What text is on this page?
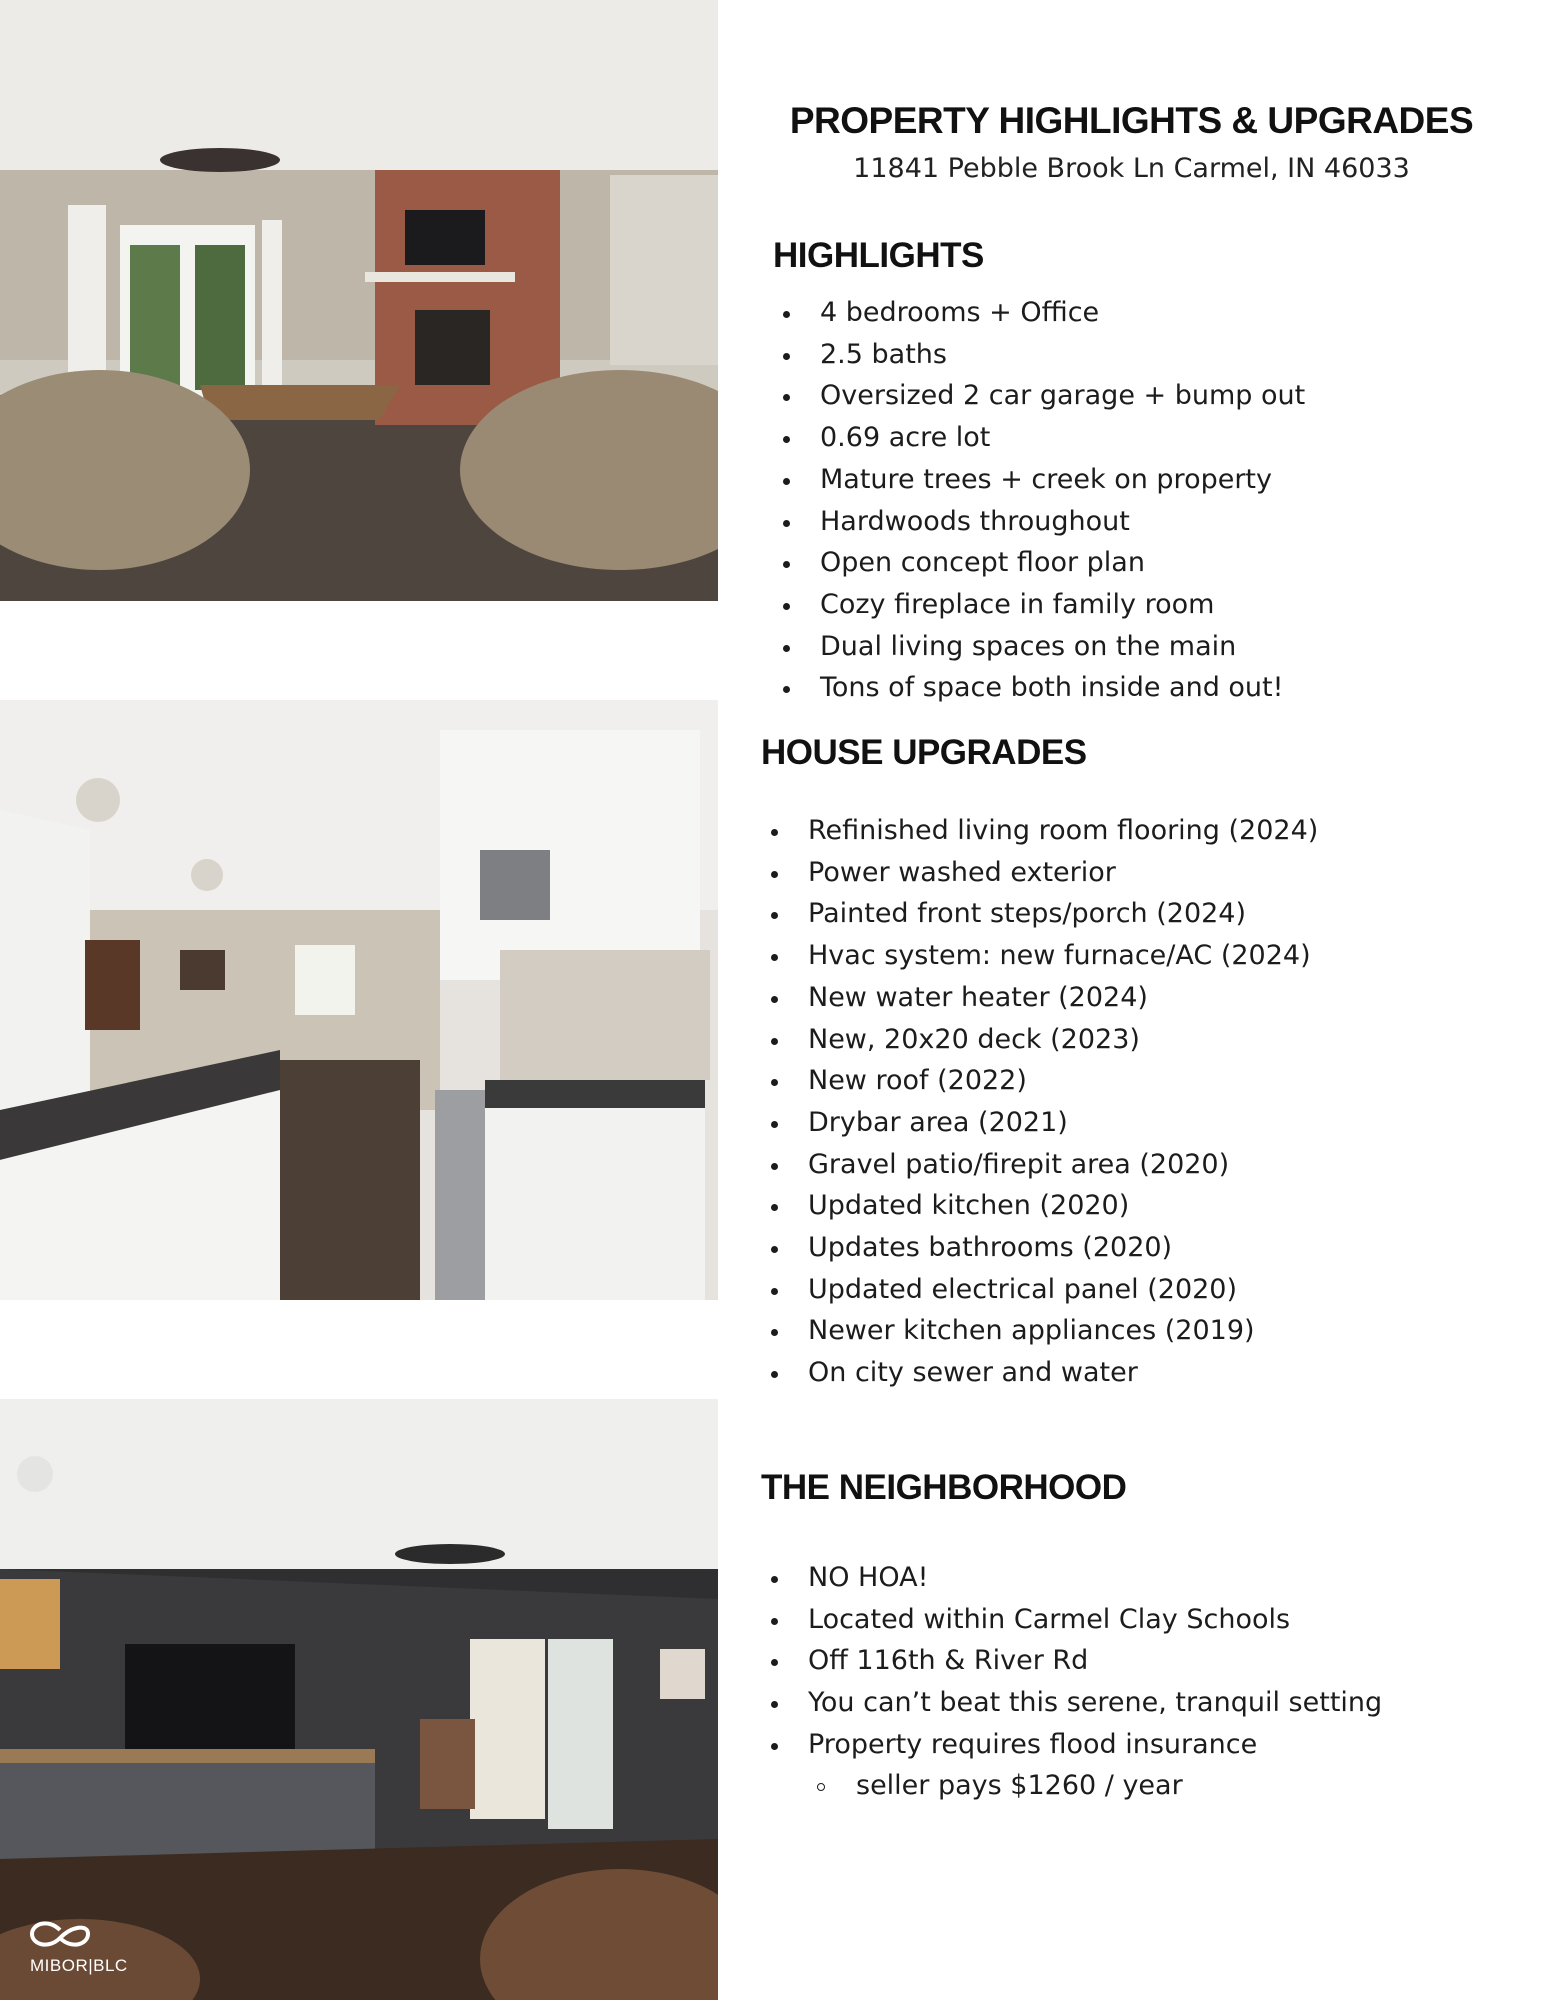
PROPERTY HIGHLIGHTS & UPGRADES
11841 Pebble Brook Ln Carmel, IN 46033
HIGHLIGHTS
4 bedrooms + Office
2.5 baths
Oversized 2 car garage + bump out
0.69 acre lot
Mature trees + creek on property
Hardwoods throughout
Open concept floor plan
Cozy fireplace in family room
Dual living spaces on the main
Tons of space both inside and out!
HOUSE UPGRADES
Refinished living room flooring (2024)
Power washed exterior
Painted front steps/porch (2024)
Hvac system: new furnace/AC (2024)
New water heater (2024)
New, 20x20 deck (2023)
New roof (2022)
Drybar area (2021)
Gravel patio/firepit area (2020)
Updated kitchen (2020)
Updates bathrooms (2020)
Updated electrical panel (2020)
Newer kitchen appliances (2019)
On city sewer and water
THE NEIGHBORHOOD
NO HOA!
Located within Carmel Clay Schools
Off 116th & River Rd
You can’t beat this serene, tranquil setting
Property requires flood insurance
seller pays $1260 / year
MIBOR|BLC
